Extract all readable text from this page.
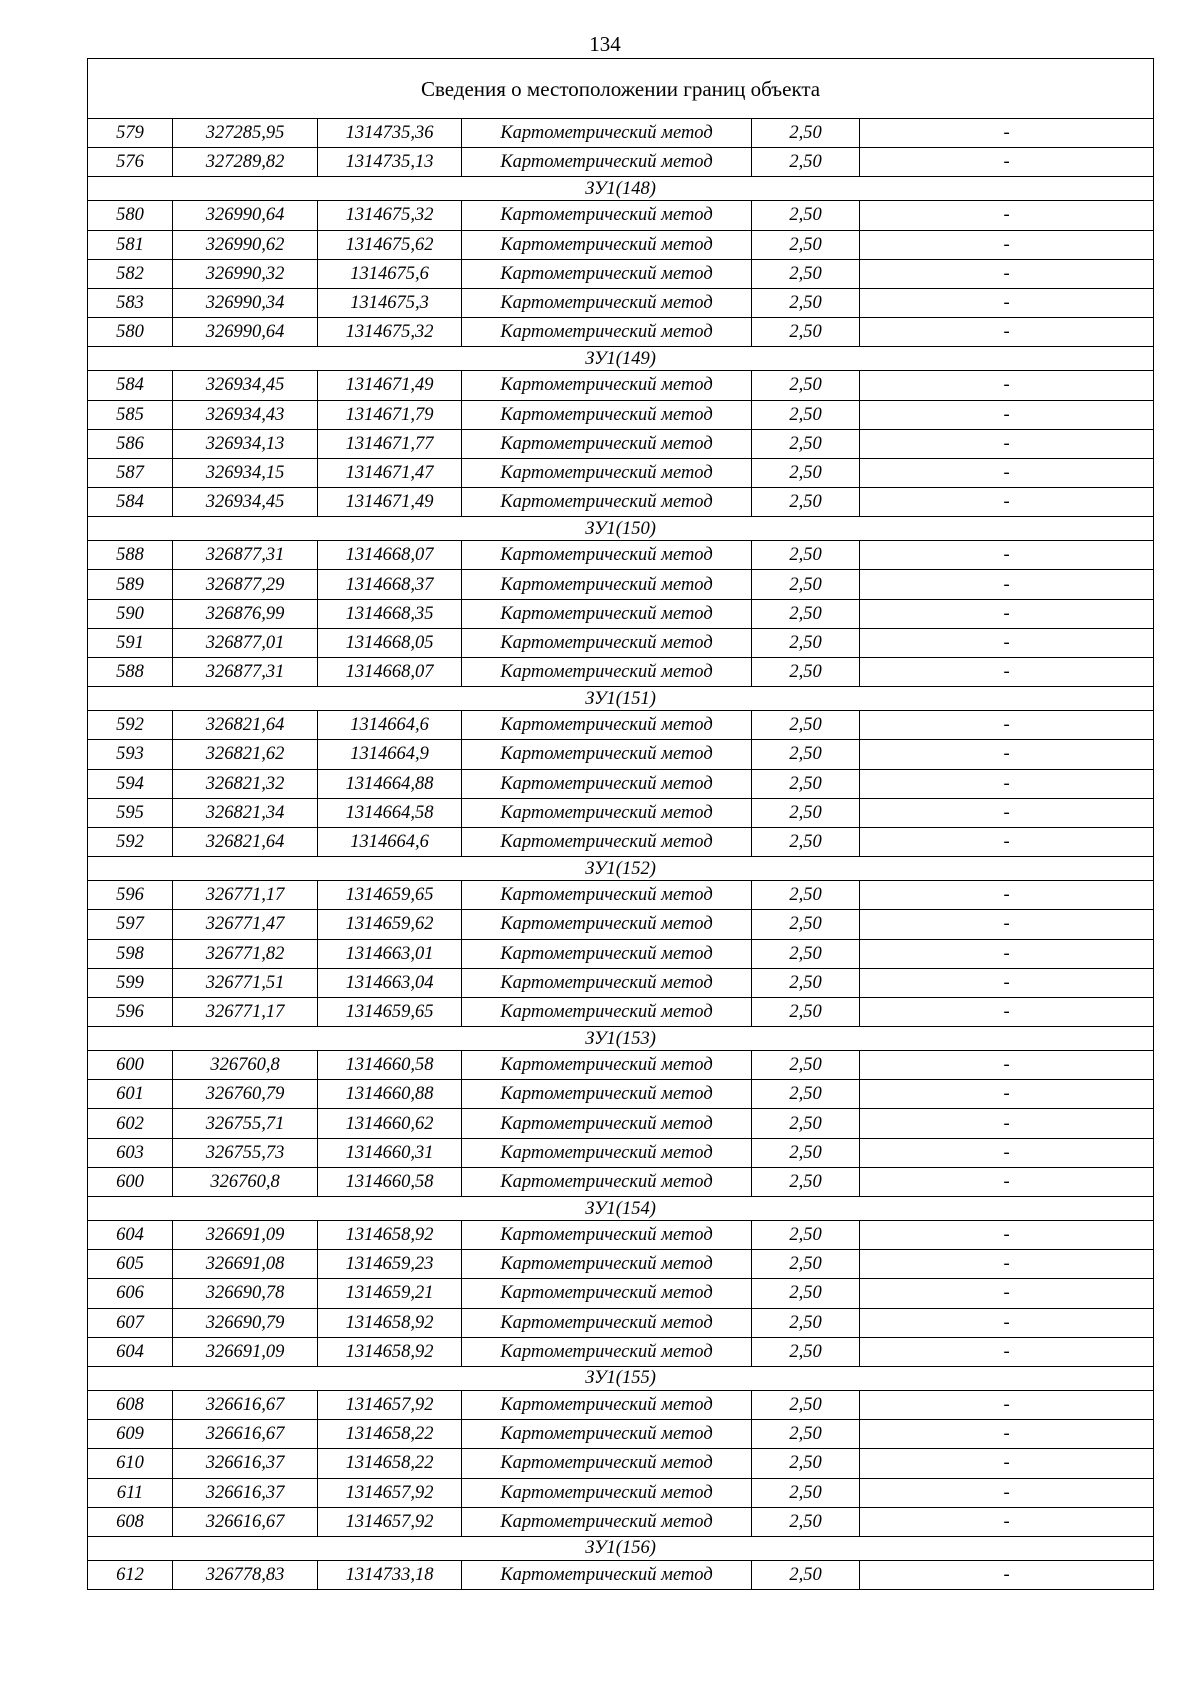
134
Сведения о местоположении границ объекта					
579	327285,95	1314735,36	Картометрический метод	2,50	-
576	327289,82	1314735,13	Картометрический метод	2,50	-
ЗУ1(148)					
580	326990,64	1314675,32	Картометрический метод	2,50	-
581	326990,62	1314675,62	Картометрический метод	2,50	-
582	326990,32	1314675,6	Картометрический метод	2,50	-
583	326990,34	1314675,3	Картометрический метод	2,50	-
580	326990,64	1314675,32	Картометрический метод	2,50	-
ЗУ1(149)					
584	326934,45	1314671,49	Картометрический метод	2,50	-
585	326934,43	1314671,79	Картометрический метод	2,50	-
586	326934,13	1314671,77	Картометрический метод	2,50	-
587	326934,15	1314671,47	Картометрический метод	2,50	-
584	326934,45	1314671,49	Картометрический метод	2,50	-
ЗУ1(150)					
588	326877,31	1314668,07	Картометрический метод	2,50	-
589	326877,29	1314668,37	Картометрический метод	2,50	-
590	326876,99	1314668,35	Картометрический метод	2,50	-
591	326877,01	1314668,05	Картометрический метод	2,50	-
588	326877,31	1314668,07	Картометрический метод	2,50	-
ЗУ1(151)					
592	326821,64	1314664,6	Картометрический метод	2,50	-
593	326821,62	1314664,9	Картометрический метод	2,50	-
594	326821,32	1314664,88	Картометрический метод	2,50	-
595	326821,34	1314664,58	Картометрический метод	2,50	-
592	326821,64	1314664,6	Картометрический метод	2,50	-
ЗУ1(152)					
596	326771,17	1314659,65	Картометрический метод	2,50	-
597	326771,47	1314659,62	Картометрический метод	2,50	-
598	326771,82	1314663,01	Картометрический метод	2,50	-
599	326771,51	1314663,04	Картометрический метод	2,50	-
596	326771,17	1314659,65	Картометрический метод	2,50	-
ЗУ1(153)					
600	326760,8	1314660,58	Картометрический метод	2,50	-
601	326760,79	1314660,88	Картометрический метод	2,50	-
602	326755,71	1314660,62	Картометрический метод	2,50	-
603	326755,73	1314660,31	Картометрический метод	2,50	-
600	326760,8	1314660,58	Картометрический метод	2,50	-
ЗУ1(154)					
604	326691,09	1314658,92	Картометрический метод	2,50	-
605	326691,08	1314659,23	Картометрический метод	2,50	-
606	326690,78	1314659,21	Картометрический метод	2,50	-
607	326690,79	1314658,92	Картометрический метод	2,50	-
604	326691,09	1314658,92	Картометрический метод	2,50	-
ЗУ1(155)					
608	326616,67	1314657,92	Картометрический метод	2,50	-
609	326616,67	1314658,22	Картометрический метод	2,50	-
610	326616,37	1314658,22	Картометрический метод	2,50	-
611	326616,37	1314657,92	Картометрический метод	2,50	-
608	326616,67	1314657,92	Картометрический метод	2,50	-
ЗУ1(156)					
612	326778,83	1314733,18	Картометрический метод	2,50	-
